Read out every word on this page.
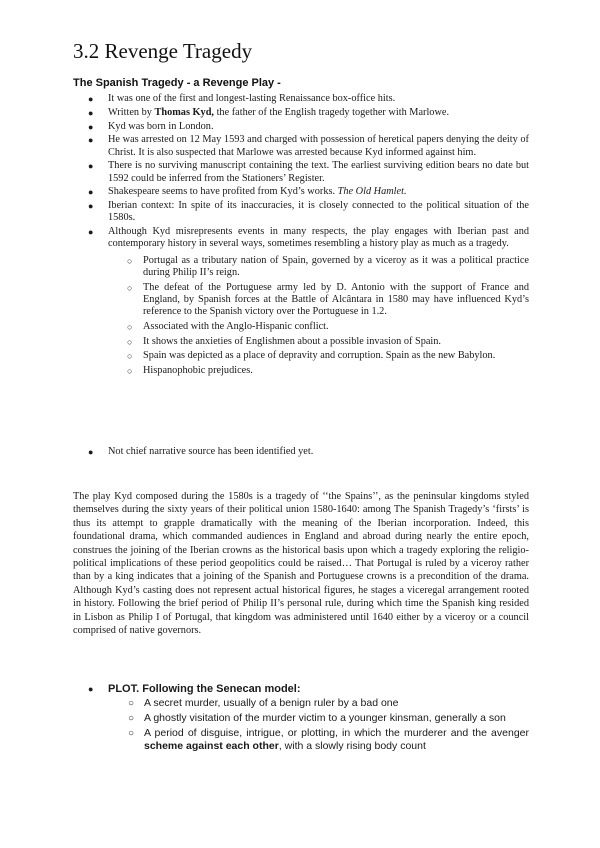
3.2 Revenge Tragedy
The Spanish Tragedy - a Revenge Play -
● It was one of the first and longest-lasting Renaissance box-office hits.
● Written by Thomas Kyd, the father of the English tragedy together with Marlowe.
● Kyd was born in London.
● He was arrested on 12 May 1593 and charged with possession of heretical papers denying the deity of Christ. It is also suspected that Marlowe was arrested because Kyd informed against him.
● There is no surviving manuscript containing the text. The earliest surviving edition bears no date but 1592 could be inferred from the Stationers’ Register.
● Shakespeare seems to have profited from Kyd’s works. The Old Hamlet.
● Iberian context: In spite of its inaccuracies, it is closely connected to the political situation of the 1580s.
● Although Kyd misrepresents events in many respects, the play engages with Iberian past and contemporary history in several ways, sometimes resembling a history play as much as a tragedy.
○ Portugal as a tributary nation of Spain, governed by a viceroy as it was a political practice during Philip II’s reign.
○ The defeat of the Portuguese army led by D. Antonio with the support of France and England, by Spanish forces at the Battle of Alcântara in 1580 may have influenced Kyd’s reference to the Spanish victory over the Portuguese in 1.2.
○ Associated with the Anglo-Hispanic conflict.
○ It shows the anxieties of Englishmen about a possible invasion of Spain.
○ Spain was depicted as a place of depravity and corruption. Spain as the new Babylon.
○ Hispanophobic prejudices.
● Not chief narrative source has been identified yet.

The play Kyd composed during the 1580s is a tragedy of ‘‘the Spains’’, as the peninsular kingdoms styled themselves during the sixty years of their political union 1580-1640: among The Spanish Tragedy’s ‘firsts’ is thus its attempt to grapple dramatically with the meaning of the Iberian incorporation. Indeed, this foundational drama, which commanded audiences in England and abroad during nearly the entire epoch, construes the joining of the Iberian crowns as the historical basis upon which a tragedy exploring the religio-political implications of these period geopolitics could be raised… That Portugal is ruled by a viceroy rather than by a king indicates that a joining of the Spanish and Portuguese crowns is a precondition of the drama. Although Kyd’s casting does not represent actual historical figures, he stages a viceregal arrangement rooted in history. Following the brief period of Philip II’s personal rule, during which time the Spanish king resided in Lisbon as Philip I of Portugal, that kingdom was administered until 1640 either by a viceroy or a council comprised of native governors.

● PLOT. Following the Senecan model:
○ A secret murder, usually of a benign ruler by a bad one
○ A ghostly visitation of the murder victim to a younger kinsman, generally a son
○ A period of disguise, intrigue, or plotting, in which the murderer and the avenger scheme against each other, with a slowly rising body count
